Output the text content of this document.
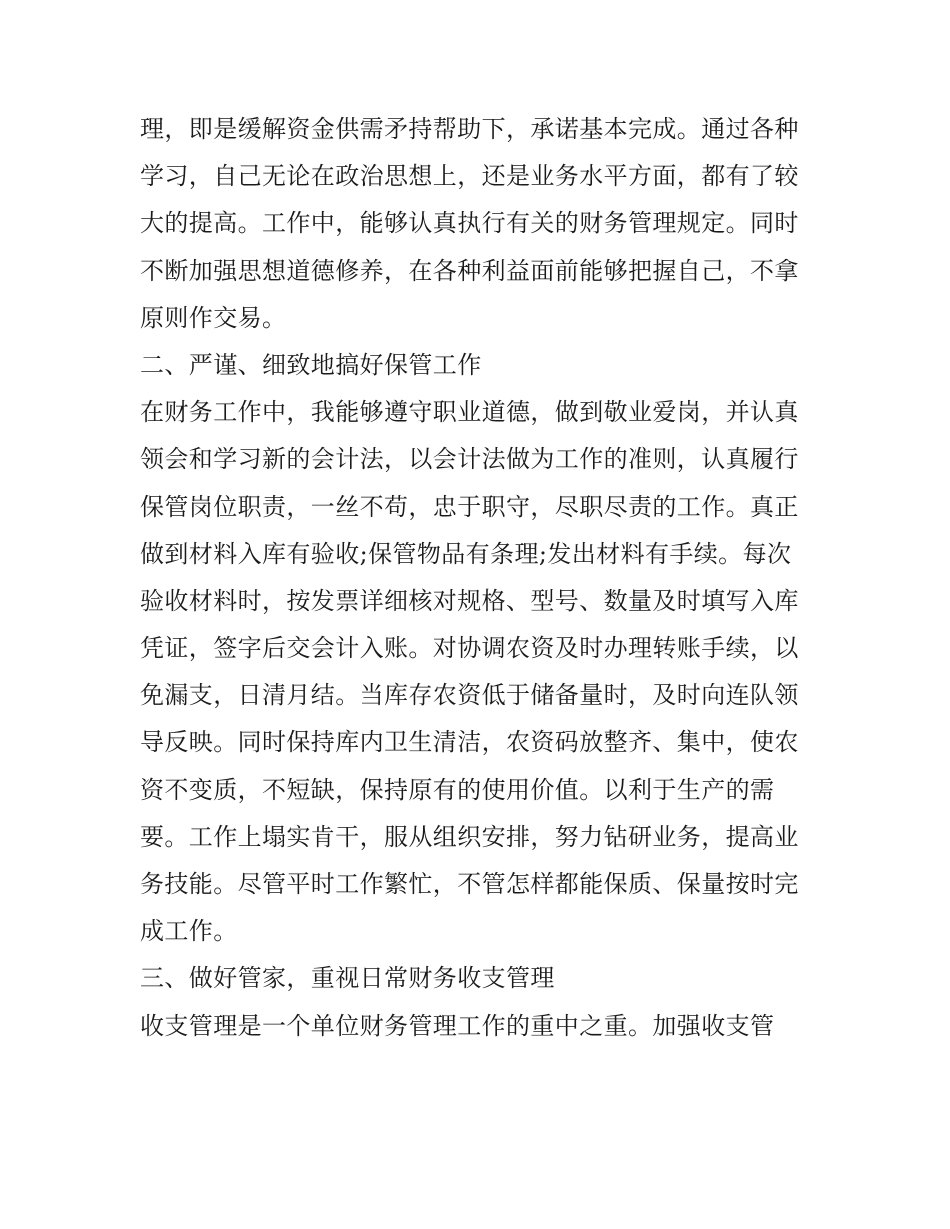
理，即是缓解资金供需矛持帮助下，承诺基本完成。通过各种
学习，自己无论在政治思想上，还是业务水平方面，都有了较
大的提高。工作中，能够认真执行有关的财务管理规定。同时
不断加强思想道德修养，在各种利益面前能够把握自己，不拿
原则作交易。
二、严谨、细致地搞好保管工作
在财务工作中，我能够遵守职业道德，做到敬业爱岗，并认真
领会和学习新的会计法，以会计法做为工作的准则，认真履行
保管岗位职责，一丝不苟，忠于职守，尽职尽责的工作。真正
做到材料入库有验收;保管物品有条理;发出材料有手续。每次
验收材料时，按发票详细核对规格、型号、数量及时填写入库
凭证，签字后交会计入账。对协调农资及时办理转账手续，以
免漏支，日清月结。当库存农资低于储备量时，及时向连队领
导反映。同时保持库内卫生清洁，农资码放整齐、集中，使农
资不变质，不短缺，保持原有的使用价值。以利于生产的需
要。工作上塌实肯干，服从组织安排，努力钻研业务，提高业
务技能。尽管平时工作繁忙，不管怎样都能保质、保量按时完
成工作。
三、做好管家，重视日常财务收支管理
收支管理是一个单位财务管理工作的重中之重。加强收支管
